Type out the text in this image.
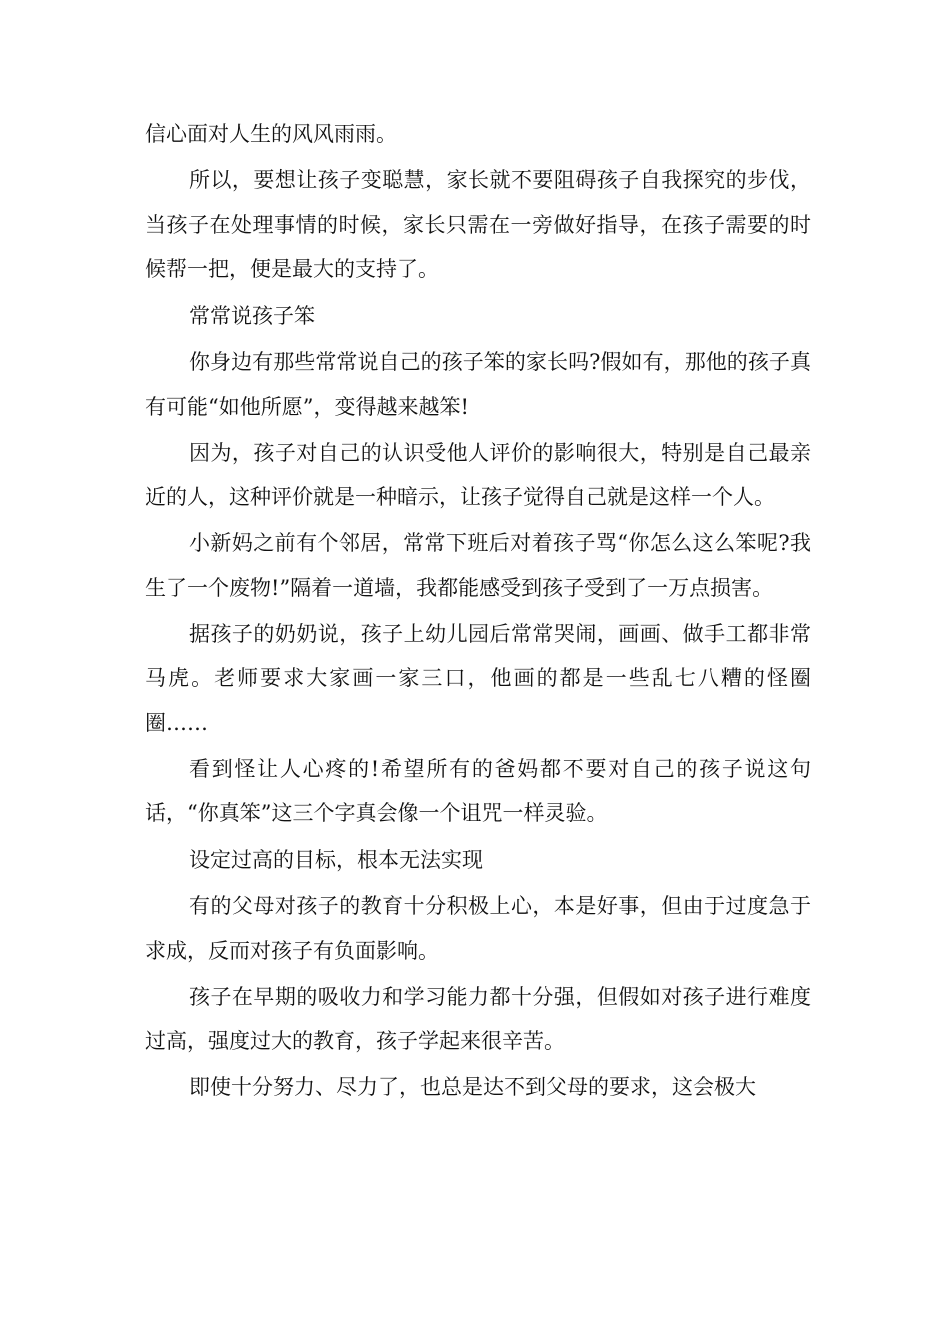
信心面对人生的风风雨雨。

所以，要想让孩子变聪慧，家长就不要阻碍孩子自我探究的步伐，当孩子在处理事情的时候，家长只需在一旁做好指导，在孩子需要的时候帮一把，便是最大的支持了。

常常说孩子笨

你身边有那些常常说自己的孩子笨的家长吗?假如有，那他的孩子真有可能“如他所愿”，变得越来越笨!

因为，孩子对自己的认识受他人评价的影响很大，特别是自己最亲近的人，这种评价就是一种暗示，让孩子觉得自己就是这样一个人。

小新妈之前有个邻居，常常下班后对着孩子骂“你怎么这么笨呢?我生了一个废物!”隔着一道墙，我都能感受到孩子受到了一万点损害。

据孩子的奶奶说，孩子上幼儿园后常常哭闹，画画、做手工都非常马虎。老师要求大家画一家三口，他画的都是一些乱七八糟的怪圈圈……

看到怪让人心疼的!希望所有的爸妈都不要对自己的孩子说这句话，“你真笨”这三个字真会像一个诅咒一样灵验。

设定过高的目标，根本无法实现

有的父母对孩子的教育十分积极上心，本是好事，但由于过度急于求成，反而对孩子有负面影响。

孩子在早期的吸收力和学习能力都十分强，但假如对孩子进行难度过高，强度过大的教育，孩子学起来很辛苦。

即使十分努力、尽力了，也总是达不到父母的要求，这会极大
